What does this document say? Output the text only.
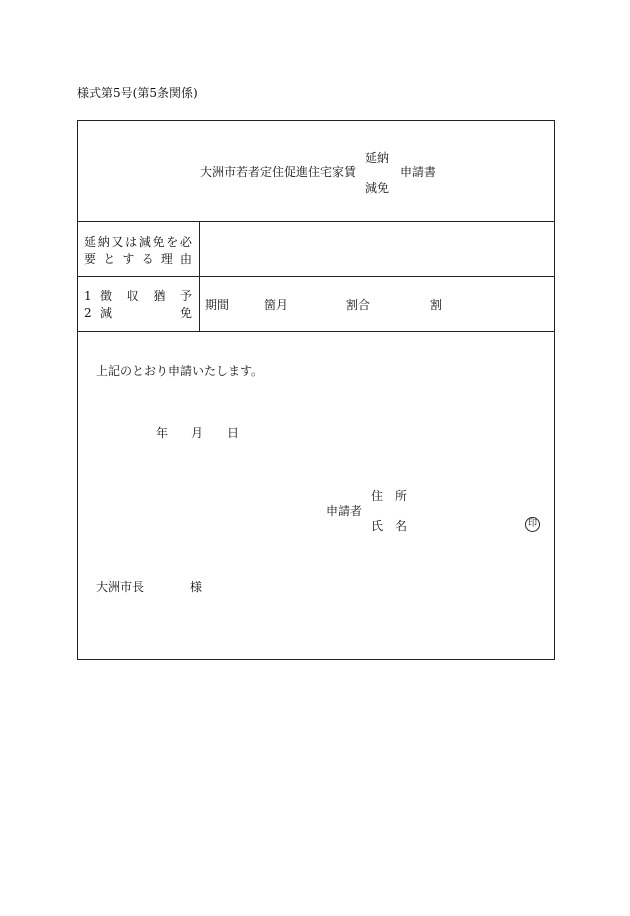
様式第5号(第5条関係)
大洲市若者定住促進住宅家賃
延納
減免
申請書
延 納 又 は 減 免 を 必
要 と す る 理 由
1 徴 収 猶 予
2 減	免
期間	箇月	割合	割
上記のとおり申請いたします。
年 月 日
住　所
申請者
氏　名	印
大洲市長	様
